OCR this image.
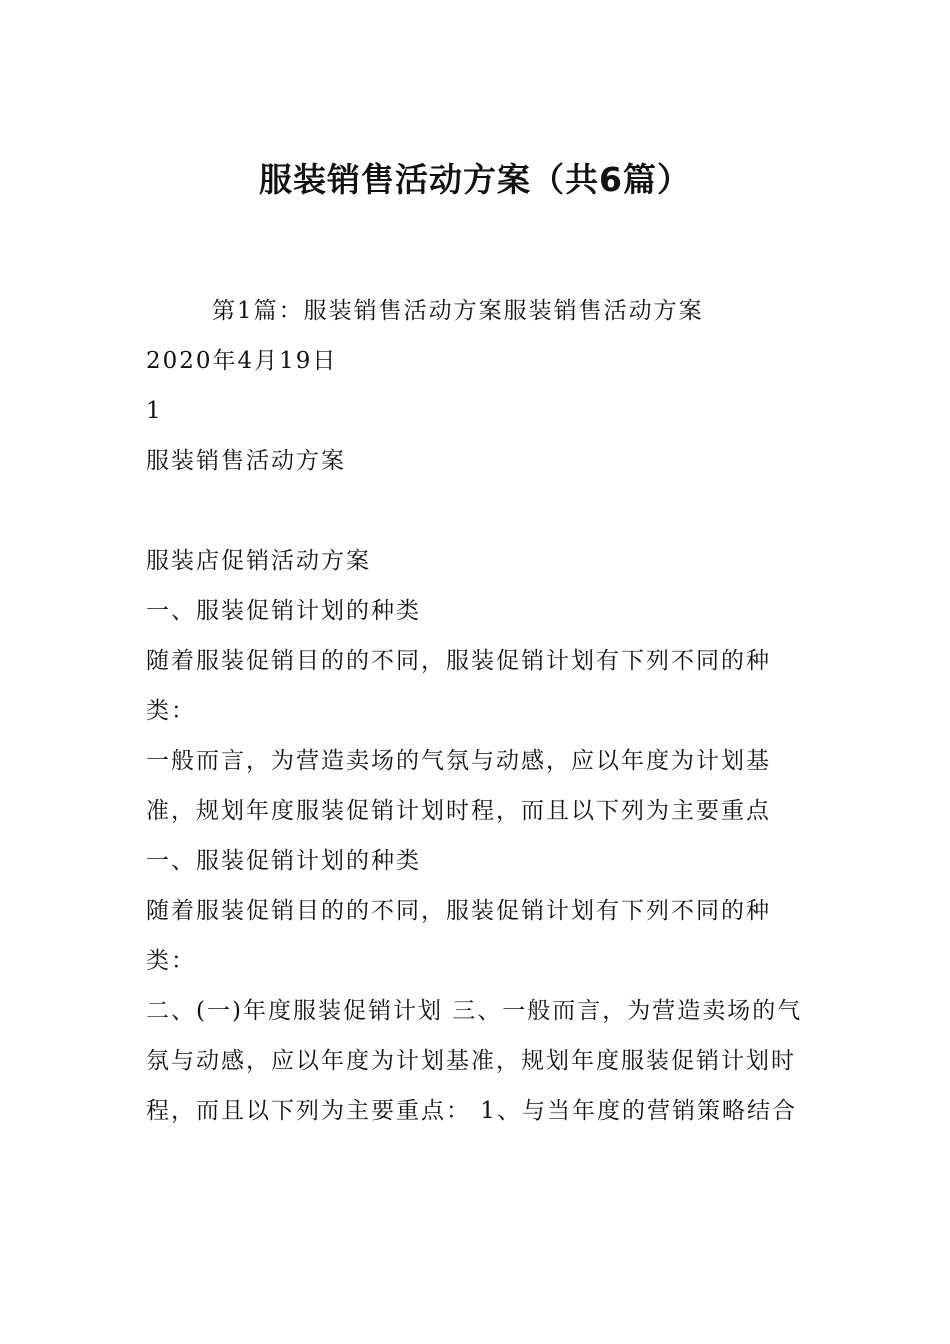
服装销售活动方案（共6篇）

第1篇：服装销售活动方案服装销售活动方案

2020年4月19日

1

服装销售活动方案

服装店促销活动方案

一、服装促销计划的种类

随着服装促销目的的不同，服装促销计划有下列不同的种类：

一般而言，为营造卖场的气氛与动感，应以年度为计划基准，规划年度服装促销计划时程，而且以下列为主要重点

一、服装促销计划的种类

随着服装促销目的的不同，服装促销计划有下列不同的种类：

二、(一)年度服装促销计划 三、一般而言，为营造卖场的气氛与动感，应以年度为计划基准，规划年度服装促销计划时程，而且以下列为主要重点： 1、与当年度的营销策略结合
